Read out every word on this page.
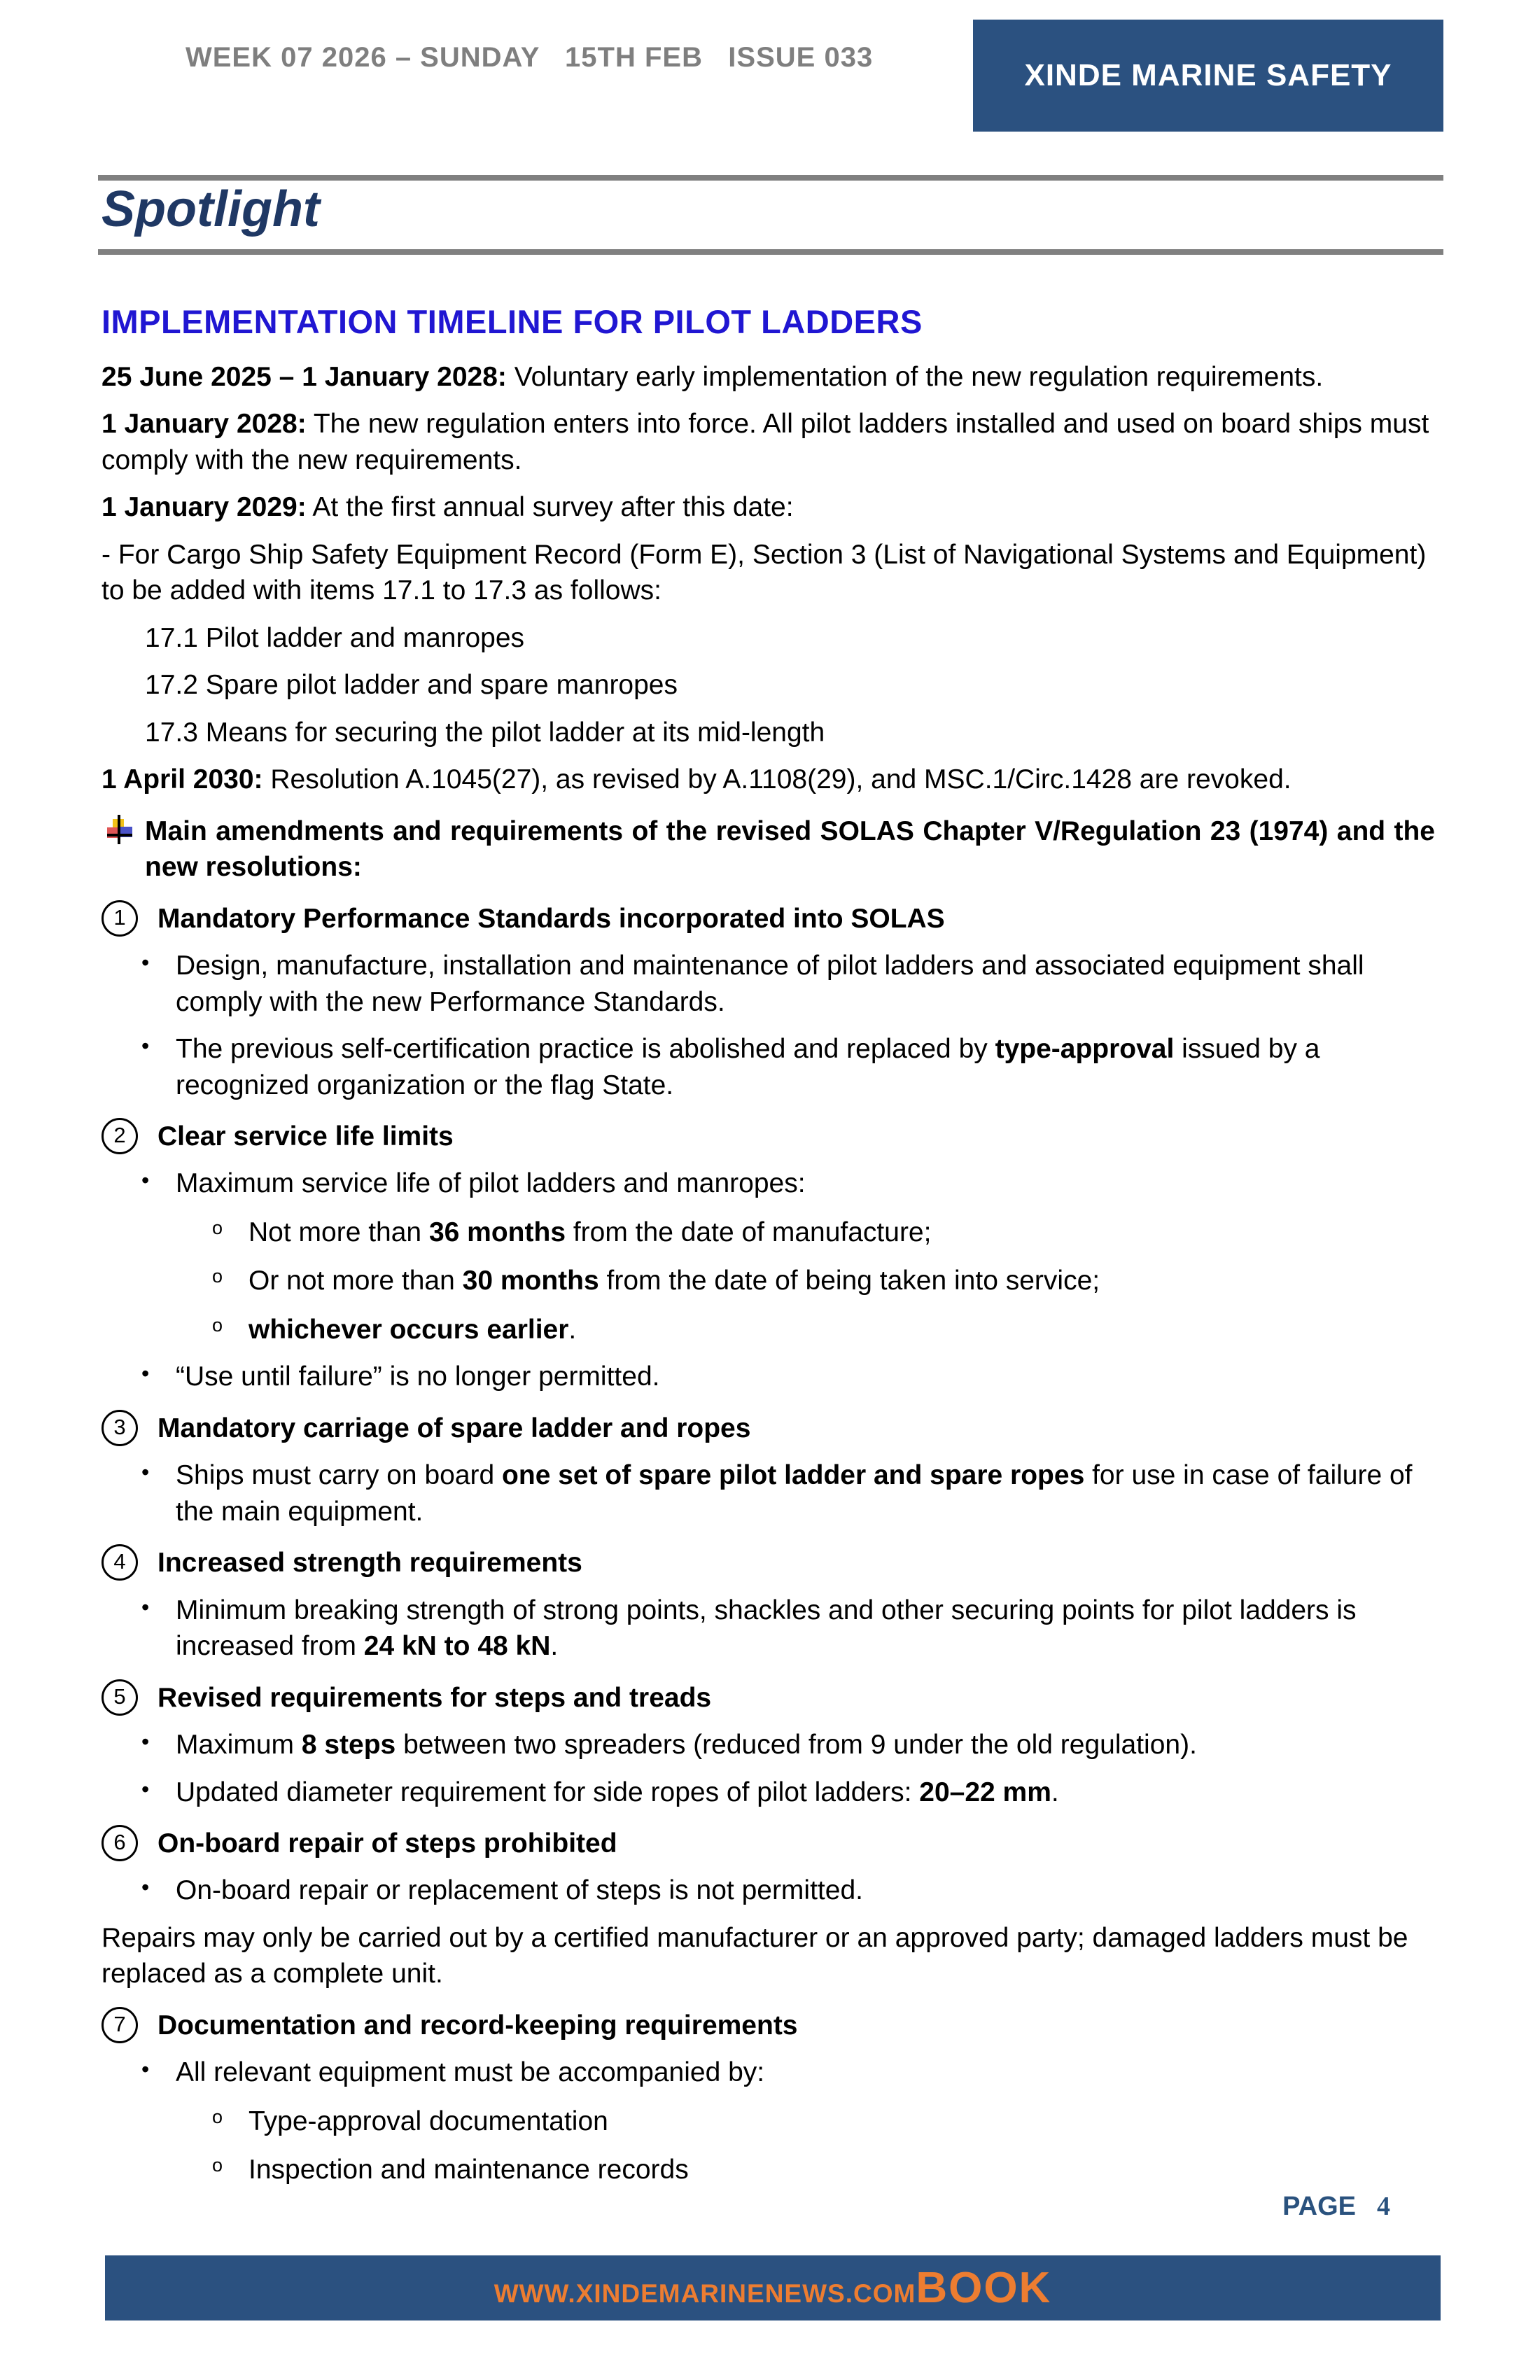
WEEK 07 2026 – SUNDAY   15TH FEB   ISSUE 033
XINDE MARINE SAFETY
Spotlight
IMPLEMENTATION TIMELINE FOR PILOT LADDERS
25 June 2025 – 1 January 2028: Voluntary early implementation of the new regulation requirements.
1 January 2028: The new regulation enters into force. All pilot ladders installed and used on board ships must comply with the new requirements.
1 January 2029: At the first annual survey after this date:
- For Cargo Ship Safety Equipment Record (Form E), Section 3 (List of Navigational Systems and Equipment) to be added with items 17.1 to 17.3 as follows:
17.1 Pilot ladder and manropes
17.2 Spare pilot ladder and spare manropes
17.3 Means for securing the pilot ladder at its mid-length
1 April 2030: Resolution A.1045(27), as revised by A.1108(29), and MSC.1/Circ.1428 are revoked.
Main amendments and requirements of the revised SOLAS Chapter V/Regulation 23 (1974) and the new resolutions:
1	Mandatory Performance Standards incorporated into SOLAS
• Design, manufacture, installation and maintenance of pilot ladders and associated equipment shall comply with the new Performance Standards.
• The previous self-certification practice is abolished and replaced by type-approval issued by a recognized organization or the flag State.
2	Clear service life limits
• Maximum service life of pilot ladders and manropes:
o Not more than 36 months from the date of manufacture;
o Or not more than 30 months from the date of being taken into service;
o whichever occurs earlier.
• “Use until failure” is no longer permitted.
3	Mandatory carriage of spare ladder and ropes
• Ships must carry on board one set of spare pilot ladder and spare ropes for use in case of failure of the main equipment.
4	Increased strength requirements
• Minimum breaking strength of strong points, shackles and other securing points for pilot ladders is increased from 24 kN to 48 kN.
5	Revised requirements for steps and treads
• Maximum 8 steps between two spreaders (reduced from 9 under the old regulation).
• Updated diameter requirement for side ropes of pilot ladders: 20–22 mm.
6	On-board repair of steps prohibited
• On-board repair or replacement of steps is not permitted.
Repairs may only be carried out by a certified manufacturer or an approved party; damaged ladders must be replaced as a complete unit.
7	Documentation and record-keeping requirements
• All relevant equipment must be accompanied by:
o Type-approval documentation
o Inspection and maintenance records
PAGE 4
WWW.XINDEMARINENEWS.COM BOOK
